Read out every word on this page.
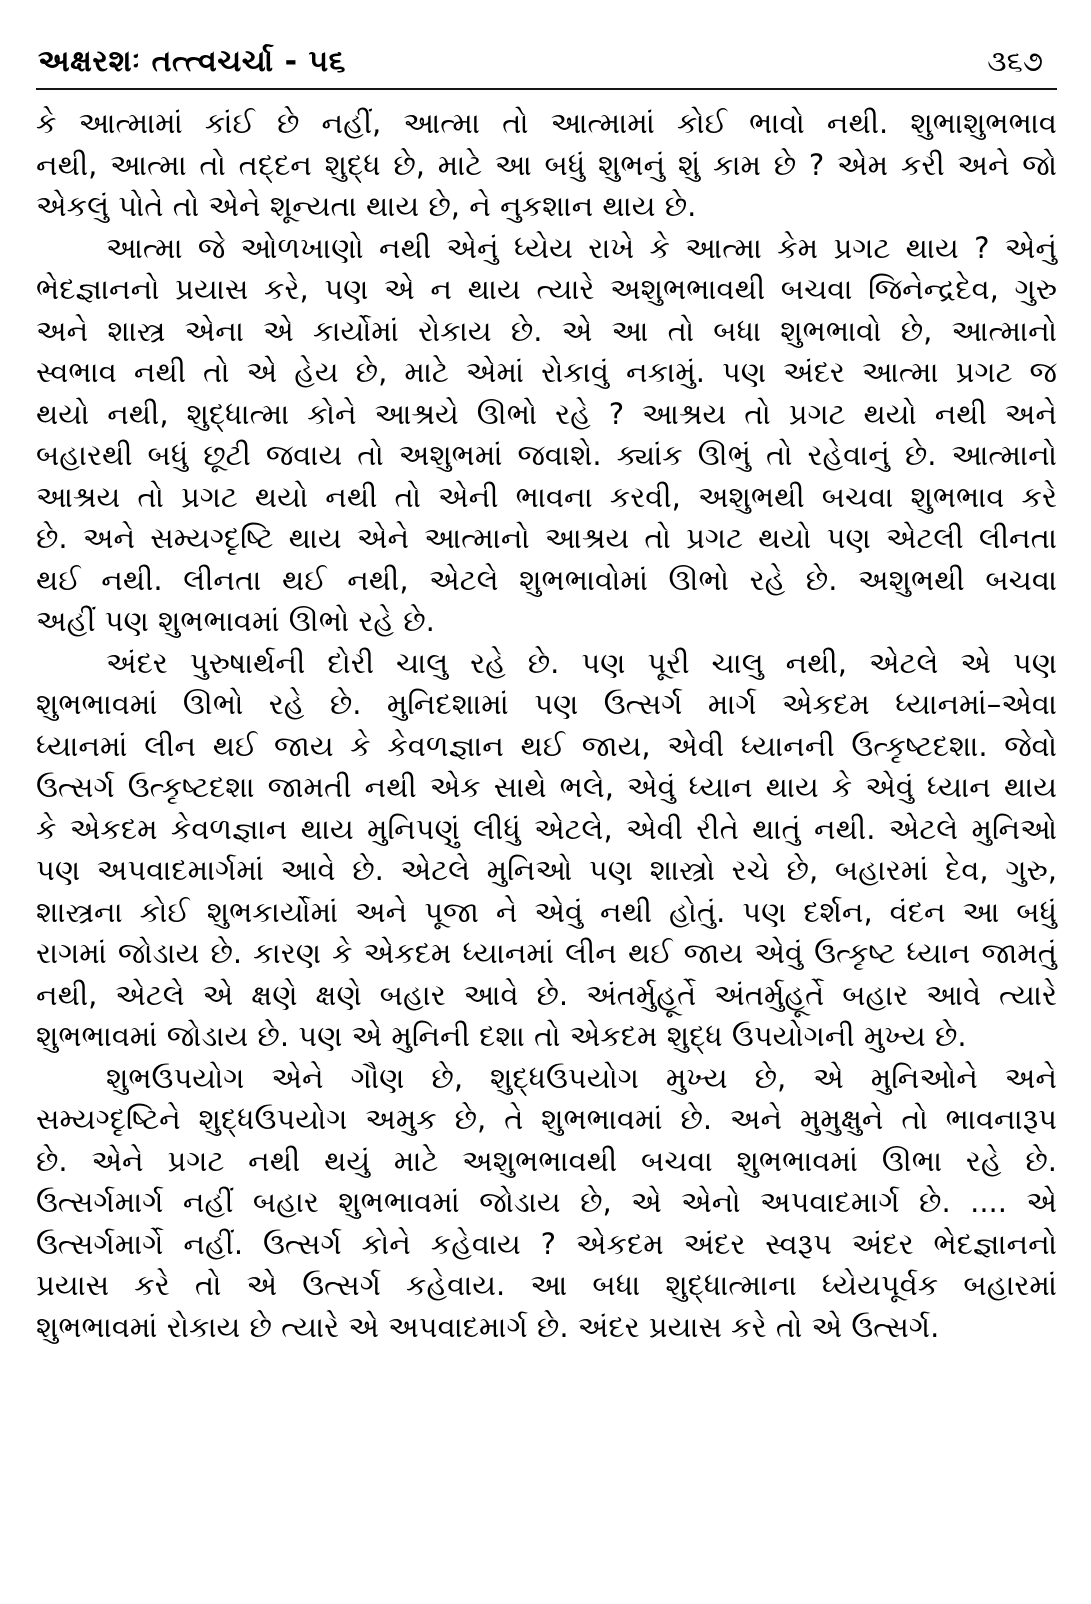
અક્ષરશઃ તત્ત્વચર્ચા - ૫૬	૩૬૭
કે આત્મામાં કાંઈ છે નહીં, આત્મા તો આત્મામાં કોઈ ભાવો નથી. શુભાશુભભાવ
નથી, આત્મા તો તદ્દન શુદ્ધ છે, માટે આ બધું શુભનું શું કામ છે ? એમ કરી અને જો
એકલું પોતે તો એને શૂન્યતા થાય છે, ને નુકશાન થાય છે.
આત્મા જે ઓળખાણો નથી એનું ધ્યેય રાખે કે આત્મા કેમ પ્રગટ થાય ? એનું
ભેદજ્ઞાનનો પ્રયાસ કરે, પણ એ ન થાય ત્યારે અશુભભાવથી બચવા જિનેન્દ્રદેવ, ગુરુ
અને શાસ્ત્ર એના એ કાર્યોમાં રોકાય છે. એ આ તો બધા શુભભાવો છે, આત્માનો
સ્વભાવ નથી તો એ હેય છે, માટે એમાં રોકાવું નકામું. પણ અંદર આત્મા પ્રગટ જ
થયો નથી, શુદ્ધાત્મા કોને આશ્રયે ઊભો રહે ? આશ્રય તો પ્રગટ થયો નથી અને
બહારથી બધું છૂટી જવાય તો અશુભમાં જવાશે. ક્યાંક ઊભું તો રહેવાનું છે. આત્માનો
આશ્રય તો પ્રગટ થયો નથી તો એની ભાવના કરવી, અશુભથી બચવા શુભભાવ કરે
છે. અને સમ્યગ્દૃષ્ટિ થાય એને આત્માનો આશ્રય તો પ્રગટ થયો પણ એટલી લીનતા
થઈ નથી. લીનતા થઈ નથી, એટલે શુભભાવોમાં ઊભો રહે છે. અશુભથી બચવા
અહીં પણ શુભભાવમાં ઊભો રહે છે.
અંદર પુરુષાર્થની દોરી ચાલુ રહે છે. પણ પૂરી ચાલુ નથી, એટલે એ પણ
શુભભાવમાં ઊભો રહે છે. મુનિદશામાં પણ ઉત્સર્ગ માર્ગ એકદમ ધ્યાનમાં–એવા
ધ્યાનમાં લીન થઈ જાય કે કેવળજ્ઞાન થઈ જાય, એવી ધ્યાનની ઉત્કૃષ્ટદશા. જેવો
ઉત્સર્ગ ઉત્કૃષ્ટદશા જામતી નથી એક સાથે ભલે, એવું ધ્યાન થાય કે એવું ધ્યાન થાય
કે એકદમ કેવળજ્ઞાન થાય મુનિપણું લીધું એટલે, એવી રીતે થાતું નથી. એટલે મુનિઓ
પણ અપવાદમાર્ગમાં આવે છે. એટલે મુનિઓ પણ શાસ્ત્રો રચે છે, બહારમાં દેવ, ગુરુ,
શાસ્ત્રના કોઈ શુભકાર્યોમાં અને પૂજા ને એવું નથી હોતું. પણ દર્શન, વંદન આ બધું
રાગમાં જોડાય છે. કારણ કે એકદમ ધ્યાનમાં લીન થઈ જાય એવું ઉત્કૃષ્ટ ધ્યાન જામતું
નથી, એટલે એ ક્ષણે ક્ષણે બહાર આવે છે. અંતર્મુહૂર્તે અંતર્મુહૂર્તે બહાર આવે ત્યારે
શુભભાવમાં જોડાય છે. પણ એ મુનિની દશા તો એકદમ શુદ્ધ ઉપયોગની મુખ્ય છે.
શુભઉપયોગ એને ગૌણ છે, શુદ્ધઉપયોગ મુખ્ય છે, એ મુનિઓને અને
સમ્યગ્દૃષ્ટિને શુદ્ધઉપયોગ અમુક છે, તે શુભભાવમાં છે. અને મુમુક્ષુને તો ભાવનારૂપ
છે. એને પ્રગટ નથી થયું માટે અશુભભાવથી બચવા શુભભાવમાં ઊભા રહે છે.
ઉત્સર્ગમાર્ગ નહીં બહાર શુભભાવમાં જોડાય છે, એ એનો અપવાદમાર્ગ છે. .... એ
ઉત્સર્ગમાર્ગે નહીં. ઉત્સર્ગ કોને કહેવાય ? એકદમ અંદર સ્વરૂપ અંદર ભેદજ્ઞાનનો
પ્રયાસ કરે તો એ ઉત્સર્ગ કહેવાય. આ બધા શુદ્ધાત્માના ધ્યેયપૂર્વક બહારમાં
શુભભાવમાં રોકાય છે ત્યારે એ અપવાદમાર્ગ છે. અંદર પ્રયાસ કરે તો એ ઉત્સર્ગ.
